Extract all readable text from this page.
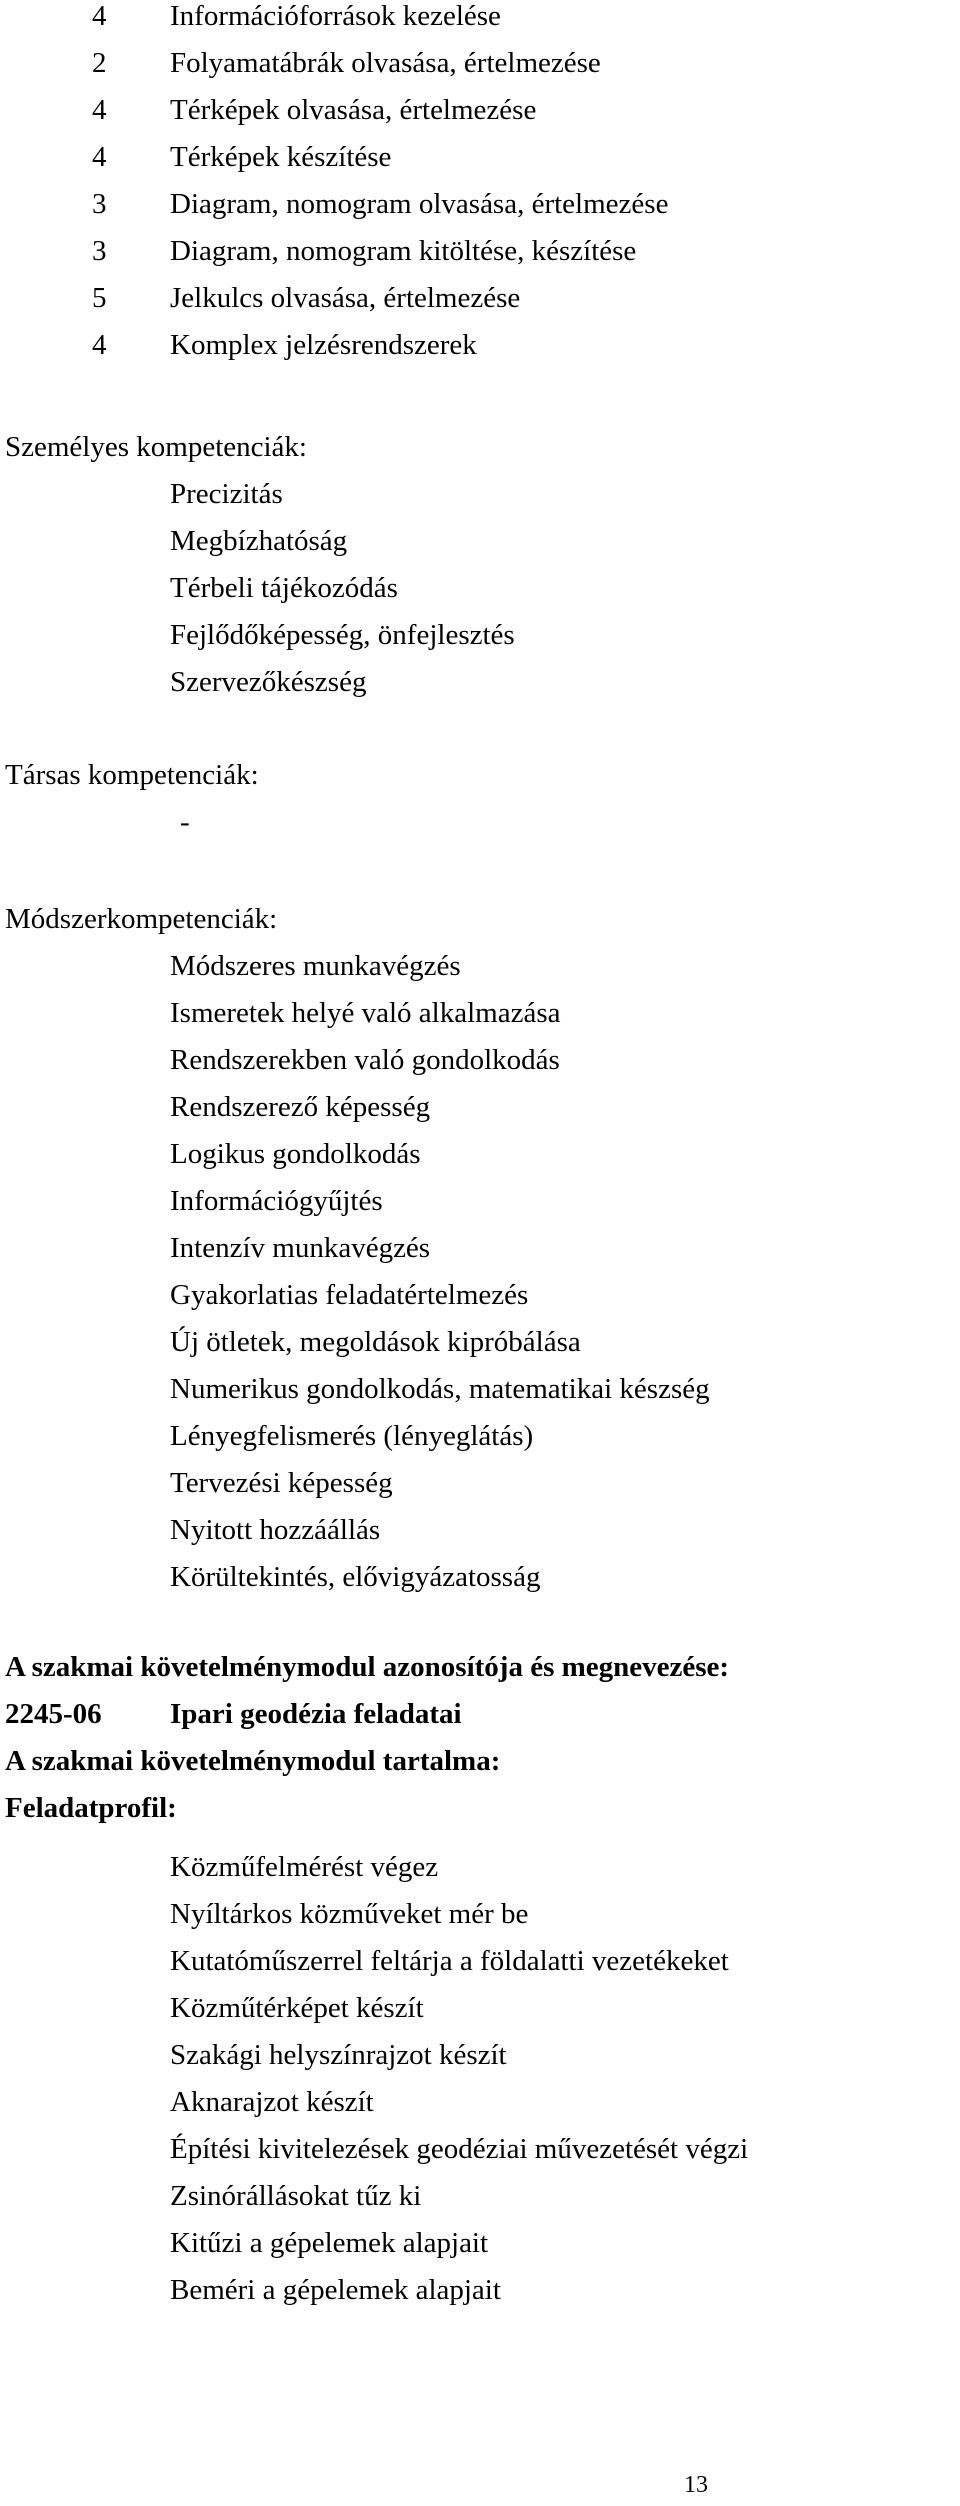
4 Információforrások kezelése
2 Folyamatábrák olvasása, értelmezése
4 Térképek olvasása, értelmezése
4 Térképek készítése
3 Diagram, nomogram olvasása, értelmezése
3 Diagram, nomogram kitöltése, készítése
5 Jelkulcs olvasása, értelmezése
4 Komplex jelzésrendszerek
Személyes kompetenciák:
Precizitás
Megbízhatóság
Térbeli tájékozódás
Fejlődőképesség, önfejlesztés
Szervezőkészség
Társas kompetenciák:
-
Módszerkompetenciák:
Módszeres munkavégzés
Ismeretek helyé való alkalmazása
Rendszerekben való gondolkodás
Rendszerező képesség
Logikus gondolkodás
Információgyűjtés
Intenzív munkavégzés
Gyakorlatias feladatértelmezés
Új ötletek, megoldások kipróbálása
Numerikus gondolkodás, matematikai készség
Lényegfelismerés (lényeglátás)
Tervezési képesség
Nyitott hozzáállás
Körültekintés, elővigyázatosság
A szakmai követelménymodul azonosítója és megnevezése:
2245-06 Ipari geodézia feladatai
A szakmai követelménymodul tartalma:
Feladatprofil:
Közműfelmérést végez
Nyíltárkos közműveket mér be
Kutatóműszerrel feltárja a földalatti vezetékeket
Közműtérképet készít
Szakági helyszínrajzot készít
Aknarajzot készít
Építési kivitelezések geodéziai művezetését végzi
Zsinórállásokat tűz ki
Kitűzi a gépelemek alapjait
Beméri a gépelemek alapjait
13
